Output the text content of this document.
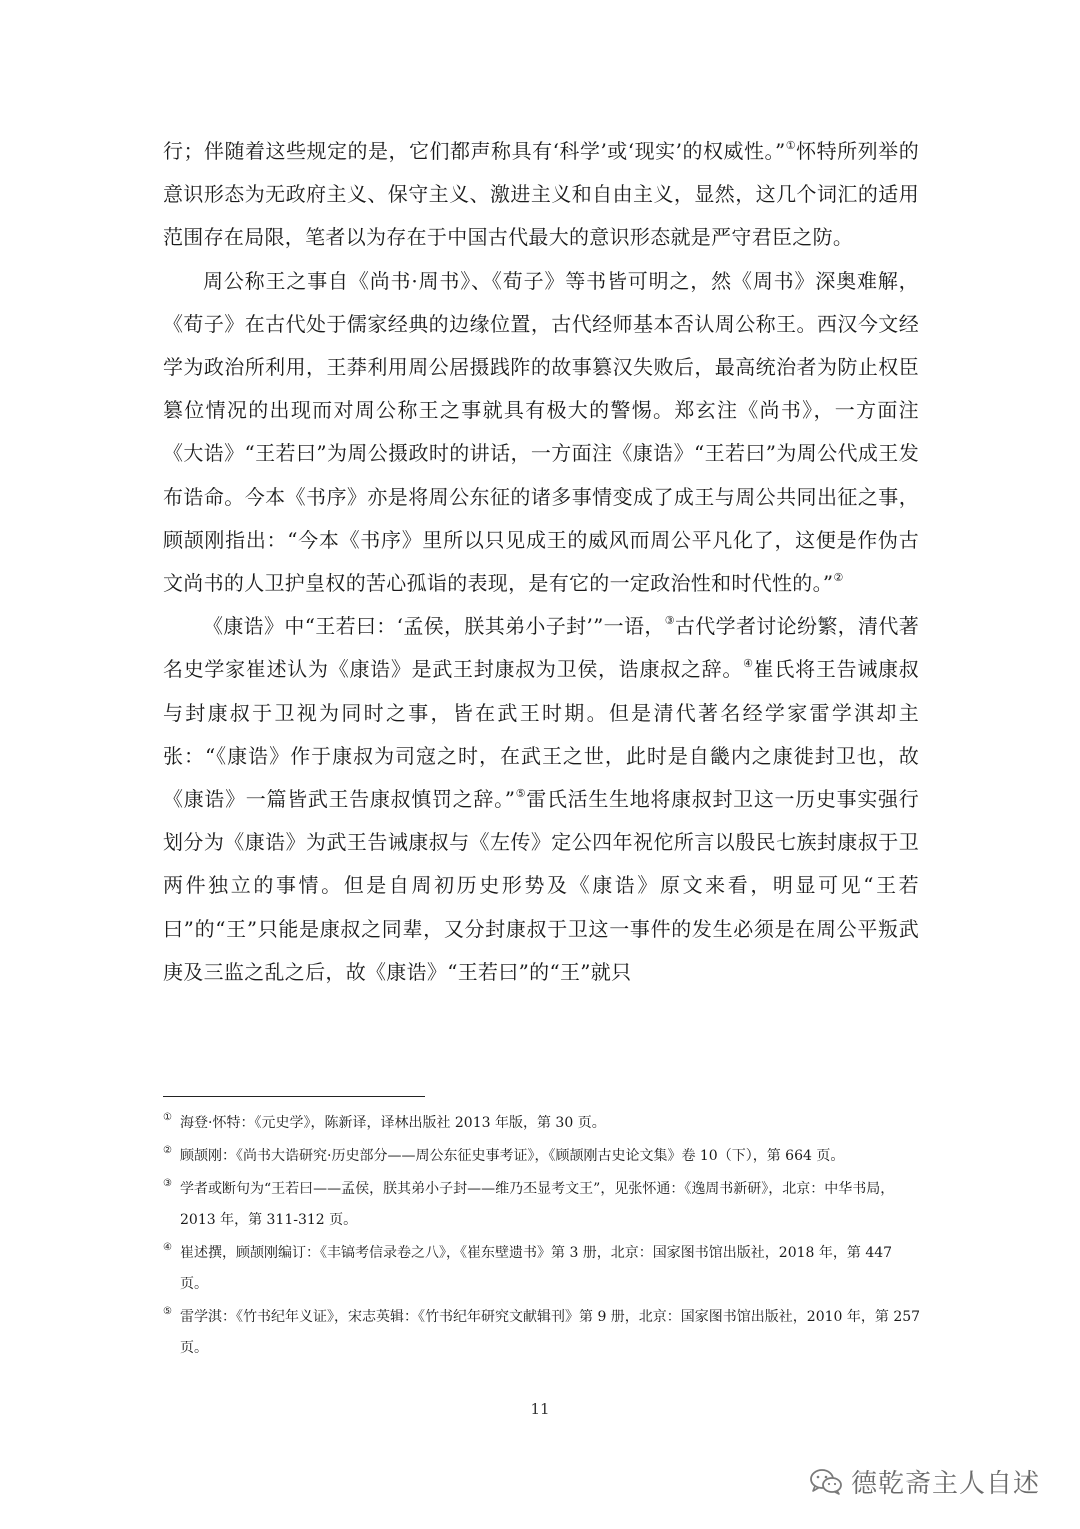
行；伴随着这些规定的是，它们都声称具有‘科学’或‘现实’的权威性。”①怀特所列举的意识形态为无政府主义、保守主义、激进主义和自由主义，显然，这几个词汇的适用范围存在局限，笔者以为存在于中国古代最大的意识形态就是严守君臣之防。

周公称王之事自《尚书·周书》、《荀子》等书皆可明之，然《周书》深奥难解，《荀子》在古代处于儒家经典的边缘位置，古代经师基本否认周公称王。西汉今文经学为政治所利用，王莽利用周公居摄践阼的故事篡汉失败后，最高统治者为防止权臣篡位情况的出现而对周公称王之事就具有极大的警惕。郑玄注《尚书》，一方面注《大诰》“王若曰”为周公摄政时的讲话，一方面注《康诰》“王若曰”为周公代成王发布诰命。今本《书序》亦是将周公东征的诸多事情变成了成王与周公共同出征之事，顾颉刚指出：“今本《书序》里所以只见成王的威风而周公平凡化了，这便是作伪古文尚书的人卫护皇权的苦心孤诣的表现，是有它的一定政治性和时代性的。”②

《康诰》中“王若曰：‘孟侯，朕其弟小子封’”一语，③古代学者讨论纷繁，清代著名史学家崔述认为《康诰》是武王封康叔为卫侯，诰康叔之辞。④崔氏将王告诫康叔与封康叔于卫视为同时之事，皆在武王时期。但是清代著名经学家雷学淇却主张：“《康诰》作于康叔为司寇之时，在武王之世，此时是自畿内之康徙封卫也，故《康诰》一篇皆武王告康叔慎罚之辞。”⑤雷氏活生生地将康叔封卫这一历史事实强行划分为《康诰》为武王告诫康叔与《左传》定公四年祝佗所言以殷民七族封康叔于卫两件独立的事情。但是自周初历史形势及《康诰》原文来看，明显可见“王若曰”的“王”只能是康叔之同辈，又分封康叔于卫这一事件的发生必须是在周公平叛武庚及三监之乱之后，故《康诰》“王若曰”的“王”就只

① 海登·怀特：《元史学》，陈新译，译林出版社 2013 年版，第 30 页。
② 顾颉刚：《尚书大诰研究·历史部分——周公东征史事考证》，《顾颉刚古史论文集》卷 10（下），第 664 页。
③ 学者或断句为“王若曰——孟侯，朕其弟小子封——维乃丕显考文王”，见张怀通：《逸周书新研》，北京：中华书局，2013 年，第 311-312 页。
④ 崔述撰，顾颉刚编订：《丰镐考信录卷之八》，《崔东壁遗书》第 3 册，北京：国家图书馆出版社，2018 年，第 447 页。
⑤ 雷学淇：《竹书纪年义证》，宋志英辑：《竹书纪年研究文献辑刊》第 9 册，北京：国家图书馆出版社，2010 年，第 257 页。
11
德乾斋主人自述
